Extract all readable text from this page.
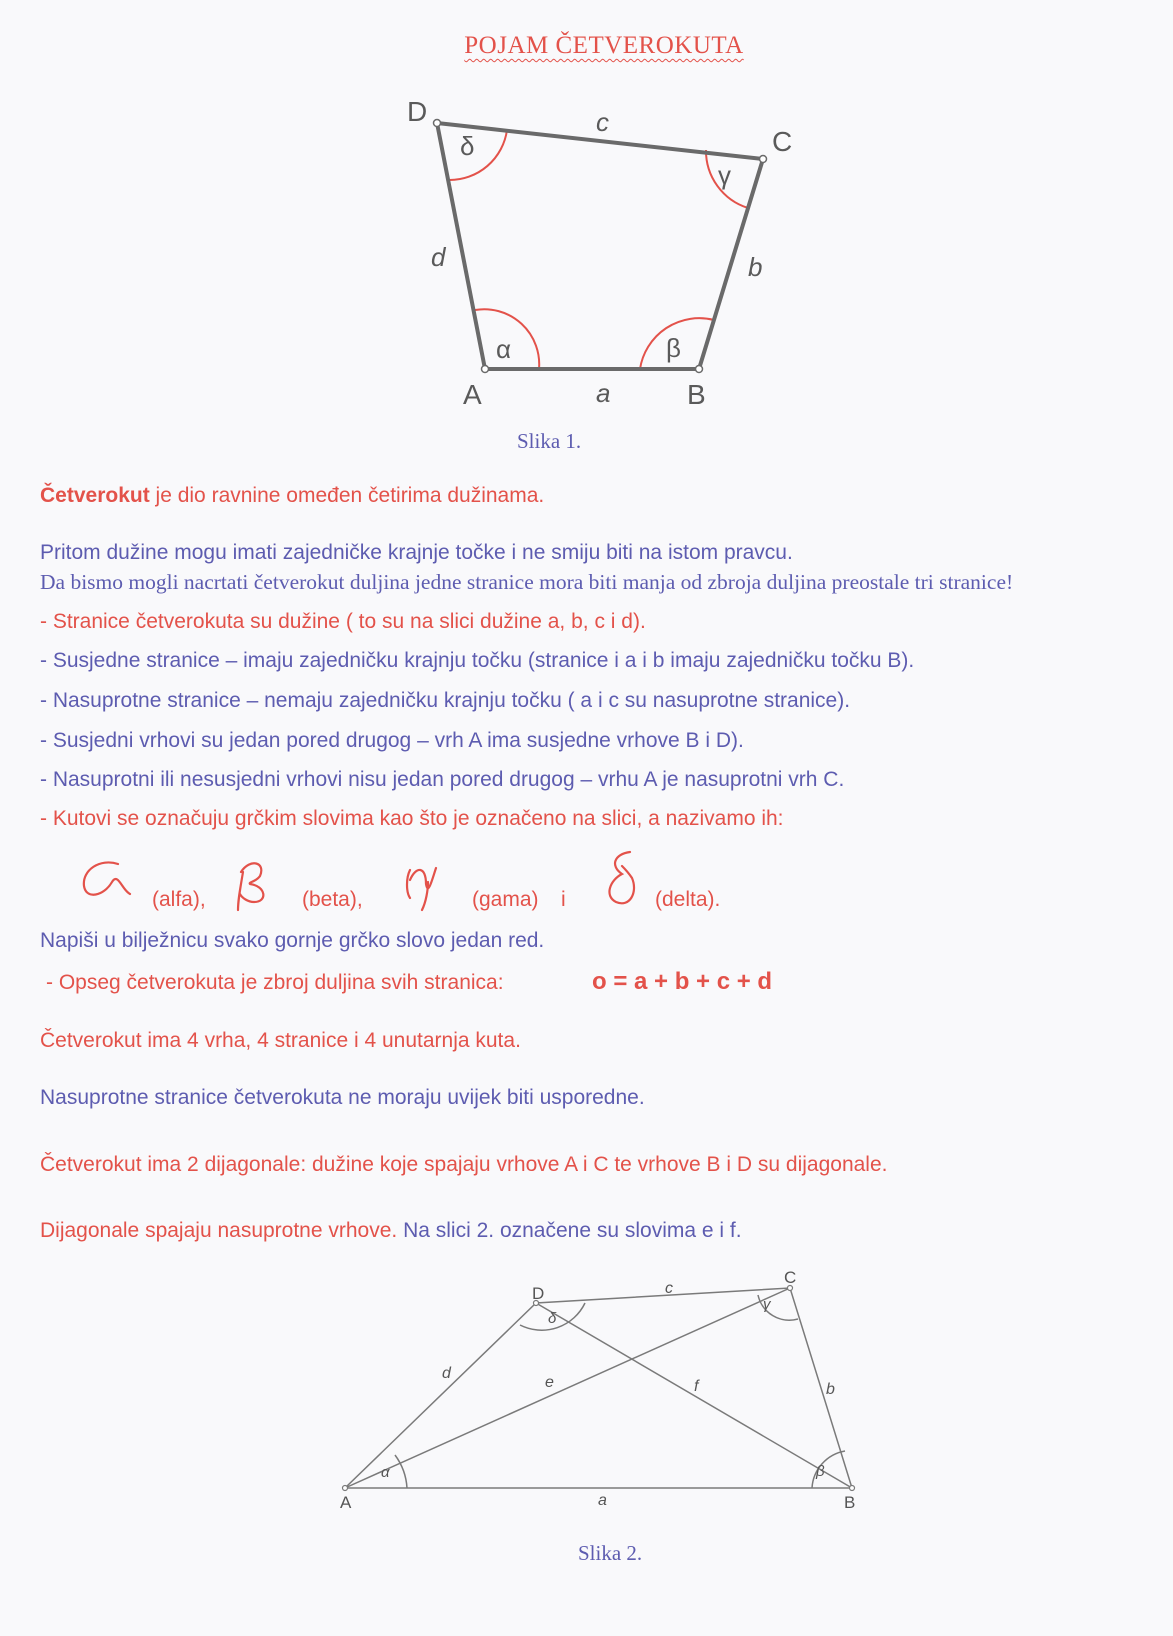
POJAM ČETVEROKUTA
A	B
C
D
a
b
c
d
α	β
γ
δ
Slika 1.
Četverokut je dio ravnine omeđen četirima dužinama.
Pritom dužine mogu imati zajedničke krajnje točke i ne smiju biti na istom pravcu.
Da bismo mogli nacrtati četverokut duljina jedne stranice mora biti manja od zbroja duljina preostale tri stranice!
- Stranice četverokuta su dužine ( to su na slici dužine a, b, c i d).
- Susjedne stranice – imaju zajedničku krajnju točku (stranice i a i b imaju zajedničku točku B).
- Nasuprotne stranice – nemaju zajedničku krajnju točku ( a i c su nasuprotne stranice).
- Susjedni vrhovi su jedan pored drugog – vrh A ima susjedne vrhove B i D).
- Nasuprotni ili nesusjedni vrhovi nisu jedan pored drugog – vrhu A je nasuprotni vrh C.
- Kutovi se označuju grčkim slovima kao što je označeno na slici, a nazivamo ih:
(alfa),	(beta),	(gama) i	(delta).
Napiši u bilježnicu svako gornje grčko slovo jedan red.
- Opseg četverokuta je zbroj duljina svih stranica:	o = a + b + c + d
Četverokut ima 4 vrha, 4 stranice i 4 unutarnja kuta.
Nasuprotne stranice četverokuta ne moraju uvijek biti usporedne.
Četverokut ima 2 dijagonale: dužine koje spajaju vrhove A i C te vrhove B i D su dijagonale.
Dijagonale spajaju nasuprotne vrhove. Na slici 2. označene su slovima e i f.
A	B
C
D
a
b
c
d
e	f
α	β
γ
δ
Slika 2.
